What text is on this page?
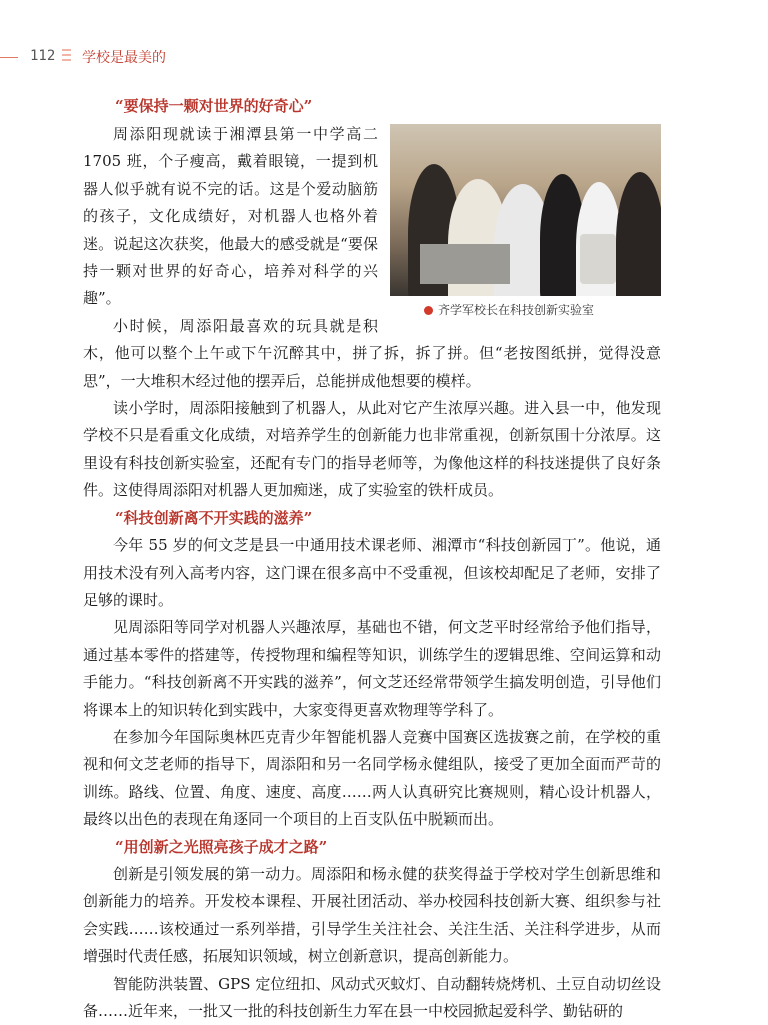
112 学校是最美的
“要保持一颗对世界的好奇心”
齐学军校长在科技创新实验室

周添阳现就读于湘潭县第一中学高二1705 班，个子瘦高，戴着眼镜，一提到机器人似乎就有说不完的话。这是个爱动脑筋的孩子，文化成绩好，对机器人也格外着迷。说起这次获奖，他最大的感受就是“要保持一颗对世界的好奇心，培养对科学的兴趣”。

小时候，周添阳最喜欢的玩具就是积木，他可以整个上午或下午沉醉其中，拼了拆，拆了拼。但“老按图纸拼，觉得没意思”，一大堆积木经过他的摆弄后，总能拼成他想要的模样。

读小学时，周添阳接触到了机器人，从此对它产生浓厚兴趣。进入县一中，他发现学校不只是看重文化成绩，对培养学生的创新能力也非常重视，创新氛围十分浓厚。这里设有科技创新实验室，还配有专门的指导老师等，为像他这样的科技迷提供了良好条件。这使得周添阳对机器人更加痴迷，成了实验室的铁杆成员。

“科技创新离不开实践的滋养”

今年 55 岁的何文芝是县一中通用技术课老师、湘潭市“科技创新园丁”。他说，通用技术没有列入高考内容，这门课在很多高中不受重视，但该校却配足了老师，安排了足够的课时。

见周添阳等同学对机器人兴趣浓厚，基础也不错，何文芝平时经常给予他们指导，通过基本零件的搭建等，传授物理和编程等知识，训练学生的逻辑思维、空间运算和动手能力。“科技创新离不开实践的滋养”，何文芝还经常带领学生搞发明创造，引导他们将课本上的知识转化到实践中，大家变得更喜欢物理等学科了。

在参加今年国际奥林匹克青少年智能机器人竞赛中国赛区选拔赛之前，在学校的重视和何文芝老师的指导下，周添阳和另一名同学杨永健组队，接受了更加全面而严苛的训练。路线、位置、角度、速度、高度……两人认真研究比赛规则，精心设计机器人，最终以出色的表现在角逐同一个项目的上百支队伍中脱颖而出。

“用创新之光照亮孩子成才之路”

创新是引领发展的第一动力。周添阳和杨永健的获奖得益于学校对学生创新思维和创新能力的培养。开发校本课程、开展社团活动、举办校园科技创新大赛、组织参与社会实践……该校通过一系列举措，引导学生关注社会、关注生活、关注科学进步，从而增强时代责任感，拓展知识领域，树立创新意识，提高创新能力。

智能防洪装置、GPS 定位纽扣、风动式灭蚊灯、自动翻转烧烤机、土豆自动切丝设备……近年来，一批又一批的科技创新生力军在县一中校园掀起爱科学、勤钻研的
